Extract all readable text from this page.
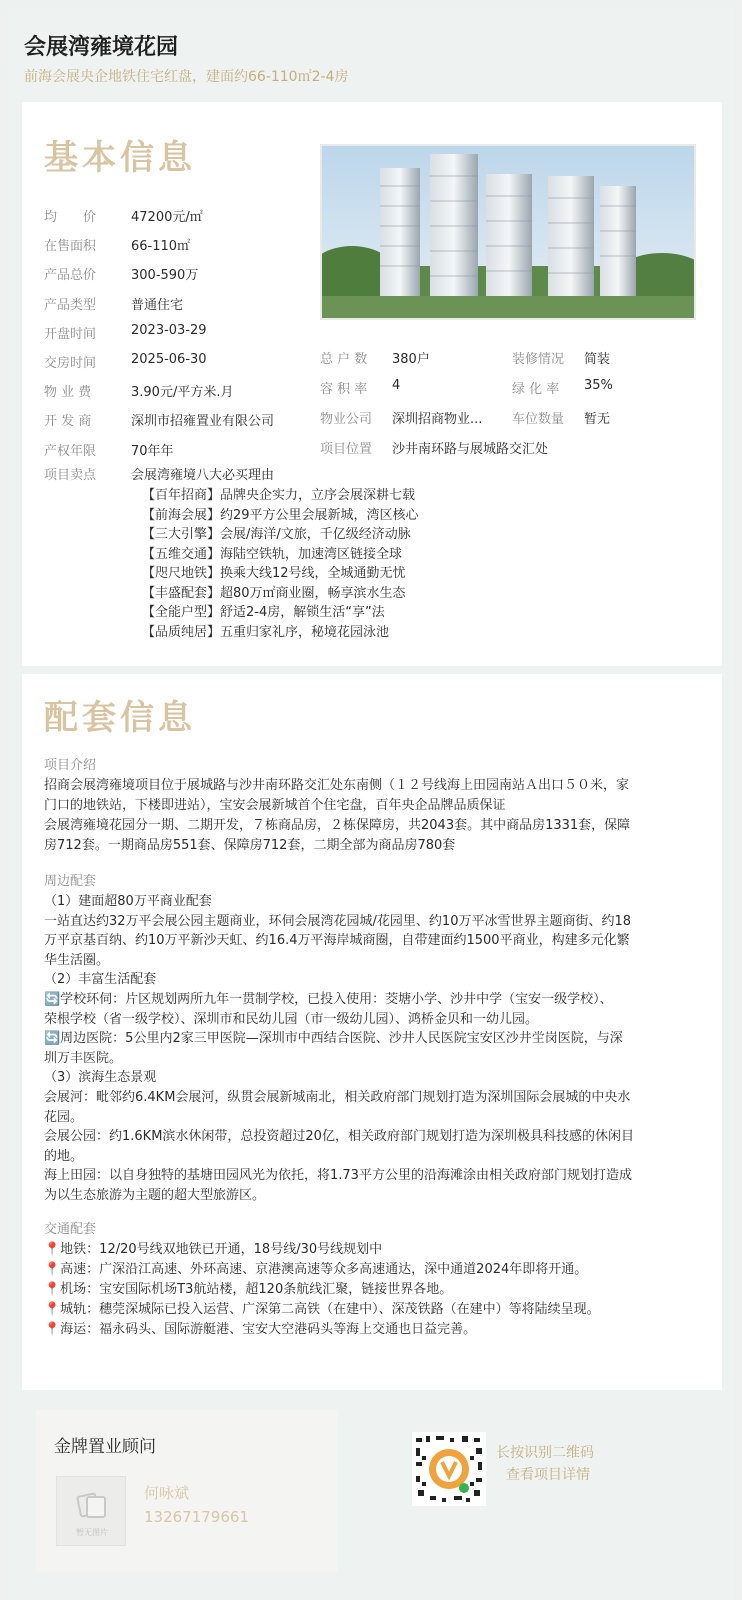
会展湾雍境花园
前海会展央企地铁住宅红盘，建面约66-110㎡2-4房
基本信息
均　　价	47200元/㎡
在售面积	66-110㎡
产品总价	300-590万
产品类型	普通住宅
开盘时间	2023-03-29
交房时间	2025-06-30
物 业 费	3.90元/平方米.月
开 发 商	深圳市招雍置业有限公司
产权年限	70年年
总 户 数 380户	装修情况 简装
容 积 率 4	绿 化 率 35%
物业公司 深圳招商物业... 车位数量 暂无
项目位置 沙井南环路与展城路交汇处
项目卖点	会展湾雍境八大必买理由
【百年招商】品牌央企实力，立序会展深耕七载
【前海会展】约29平方公里会展新城，湾区核心
【三大引擎】会展/海洋/文旅，千亿级经济动脉
【五维交通】海陆空铁轨，加速湾区链接全球
【咫尺地铁】换乘大线12号线，全城通勤无忧
【丰盛配套】超80万㎡商业圈，畅享滨水生态
【全能户型】舒适2-4房，解锁生活“享”法
【品质纯居】五重归家礼序，秘境花园泳池
配套信息
项目介绍

招商会展湾雍境项目位于展城路与沙井南环路交汇处东南侧（１２号线海上田园南站Ａ出口５０米，家

门口的地铁站，下楼即进站），宝安会展新城首个住宅盘，百年央企品牌品质保证

会展湾雍境花园分一期、二期开发，７栋商品房，２栋保障房，共2043套。其中商品房1331套，保障

房712套。一期商品房551套、保障房712套，二期全部为商品房780套

周边配套

（1）建面超80万平商业配套

一站直达约32万平会展公园主题商业，环伺会展湾花园城/花园里、约10万平冰雪世界主题商街、约18

万平京基百纳、约10万平新沙天虹、约16.4万平海岸城商圈，自带建面约1500平商业，构建多元化繁

华生活圈。

（2）丰富生活配套

🔄学校环伺：片区规划两所九年一贯制学校，已投入使用：茭塘小学、沙井中学（宝安一级学校）、

荣根学校（省一级学校）、深圳市和民幼儿园（市一级幼儿园）、鸿桥金贝和一幼儿园。

🔄周边医院：5公里内2家三甲医院—深圳市中西结合医院、沙井人民医院宝安区沙井坣岗医院，与深

圳万丰医院。

（3）滨海生态景观

会展河：毗邻约6.4KM会展河，纵贯会展新城南北，相关政府部门规划打造为深圳国际会展城的中央水

花园。

会展公园：约1.6KM滨水休闲带，总投资超过20亿，相关政府部门规划打造为深圳极具科技感的休闲目

的地。

海上田园：以自身独特的基塘田园风光为依托，将1.73平方公里的沿海滩涂由相关政府部门规划打造成

为以生态旅游为主题的超大型旅游区。

交通配套

📍地铁：12/20号线双地铁已开通，18号线/30号线规划中

📍高速：广深沿江高速、外环高速、京港澳高速等众多高速通达，深中通道2024年即将开通。

📍机场：宝安国际机场T3航站楼，超120条航线汇聚，链接世界各地。

📍城轨：穗莞深城际已投入运营、广深第二高铁（在建中）、深茂铁路（在建中）等将陆续呈现。

📍海运：福永码头、国际游艇港、宝安大空港码头等海上交通也日益完善。

金牌置业顾问
暂无图片
何咏斌
13267179661
长按识别二维码
查看项目详情
